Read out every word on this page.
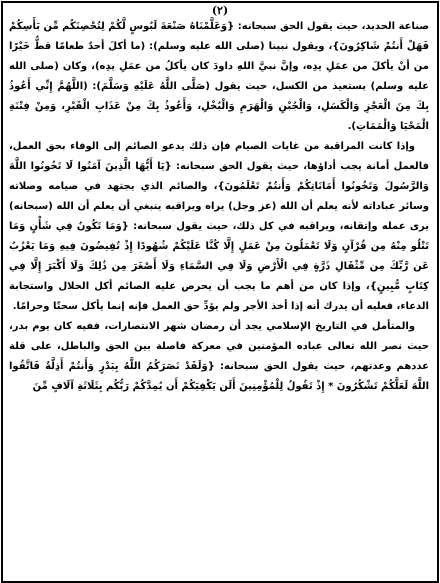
(٢)

صناعة الحديد، حيث يقول الحق سبحانه: {وَعَلَّمْنَاهُ صَنْعَةَ لَبُوسٍ لَّكُمْ لِتُحْصِنَكُم مِّن بَأْسِكُمْ فَهَلْ أَنتُمْ شَاكِرُونَ}، ويقول نبينا (صلى الله عليه وسلم): (ما أكلَ أحدٌ طعامًا قطُّ خَيْرًا من أنْ يأكلَ من عمَلِ يدِه، وإنَّ نبيَّ اللهِ داودَ كان يأكلُ من عمَلِ يدِه)، وكان (صلى الله عليه وسلم) يستعيذ من الكسل، حيث يقول (صَلَّى اللَّهُ عَلَيْهِ وَسَلَّمَ): (اللَّهُمَّ إِنِّي أَعُوذُ بِكَ مِنَ الْعَجْزِ وَالْكَسَلِ، وَالْجُبْنِ وَالْهَرَمِ وَالْبُخْلِ، وَأَعُوذُ بِكَ مِنْ عَذَابِ الْقَبْرِ، وَمِنْ فِتْنَةِ الْمَحْيَا وَالْمَمَاتِ).

وإذا كانت المراقبة من غايات الصيام فإن ذلك يدعو الصائم إلى الوفاء بحق العمل، فالعمل أمانة يجب أداؤها، حيث يقول الحق سبحانه: {يَا أَيُّهَا الَّذِينَ آمَنُوا لَا تَخُونُوا اللَّهَ وَالرَّسُولَ وَتَخُونُوا أَمَانَاتِكُمْ وَأَنتُمْ تَعْلَمُونَ}، والصائم الذي يجتهد في صيامه وصلاته وسائر عباداته لأنه يعلم أن الله (عز وجل) يراه ويراقبه ينبغي أن يعلم أن الله (سبحانه) يرى عمله وإتقانه، ويراقبه في كل ذلك، حيث يقول سبحانه: {وَمَا تَكُونُ فِي شَأْنٍ وَمَا تَتْلُو مِنْهُ مِن قُرْآنٍ وَلَا تَعْمَلُونَ مِنْ عَمَلٍ إِلَّا كُنَّا عَلَيْكُمْ شُهُودًا إِذْ تُفِيضُونَ فِيهِ وَمَا يَعْزُبُ عَن رَّبِّكَ مِن مِّثْقَالِ ذَرَّةٍ فِي الْأَرْضِ وَلَا فِي السَّمَاءِ وَلَا أَصْغَرَ مِن ذَٰلِكَ وَلَا أَكْبَرَ إِلَّا فِي كِتَابٍ مُّبِينٍ}، وإذا كان من أهم ما يجب أن يحرص عليه الصائم أكل الحلال واستجابة الدعاء، فعليه أن يدرك أنه إذا أخذ الأجر ولم يؤدِّ حق العمل فإنه إنما يأكل سحتًا وحرامًا.

والمتأمل في التاريخ الإسلامي يجد أن رمضان شهر الانتصارات، ففيه كان يوم بدر، حيث نصر الله تعالى عباده المؤمنين في معركة فاصلة بين الحق والباطل، على قلة عددهم وعدتهم، حيث يقول الحق سبحانه: {وَلَقَدْ نَصَرَكُمُ اللَّهُ بِبَدْرٍ وَأَنتُمْ أَذِلَّةٌ فَاتَّقُوا اللَّهَ لَعَلَّكُمْ تَشْكُرُونَ * إِذْ تَقُولُ لِلْمُؤْمِنِينَ أَلَن يَكْفِيَكُمْ أَن يُمِدَّكُمْ رَبُّكُم بِثَلَاثَةِ آلَافٍ مِّنَ
